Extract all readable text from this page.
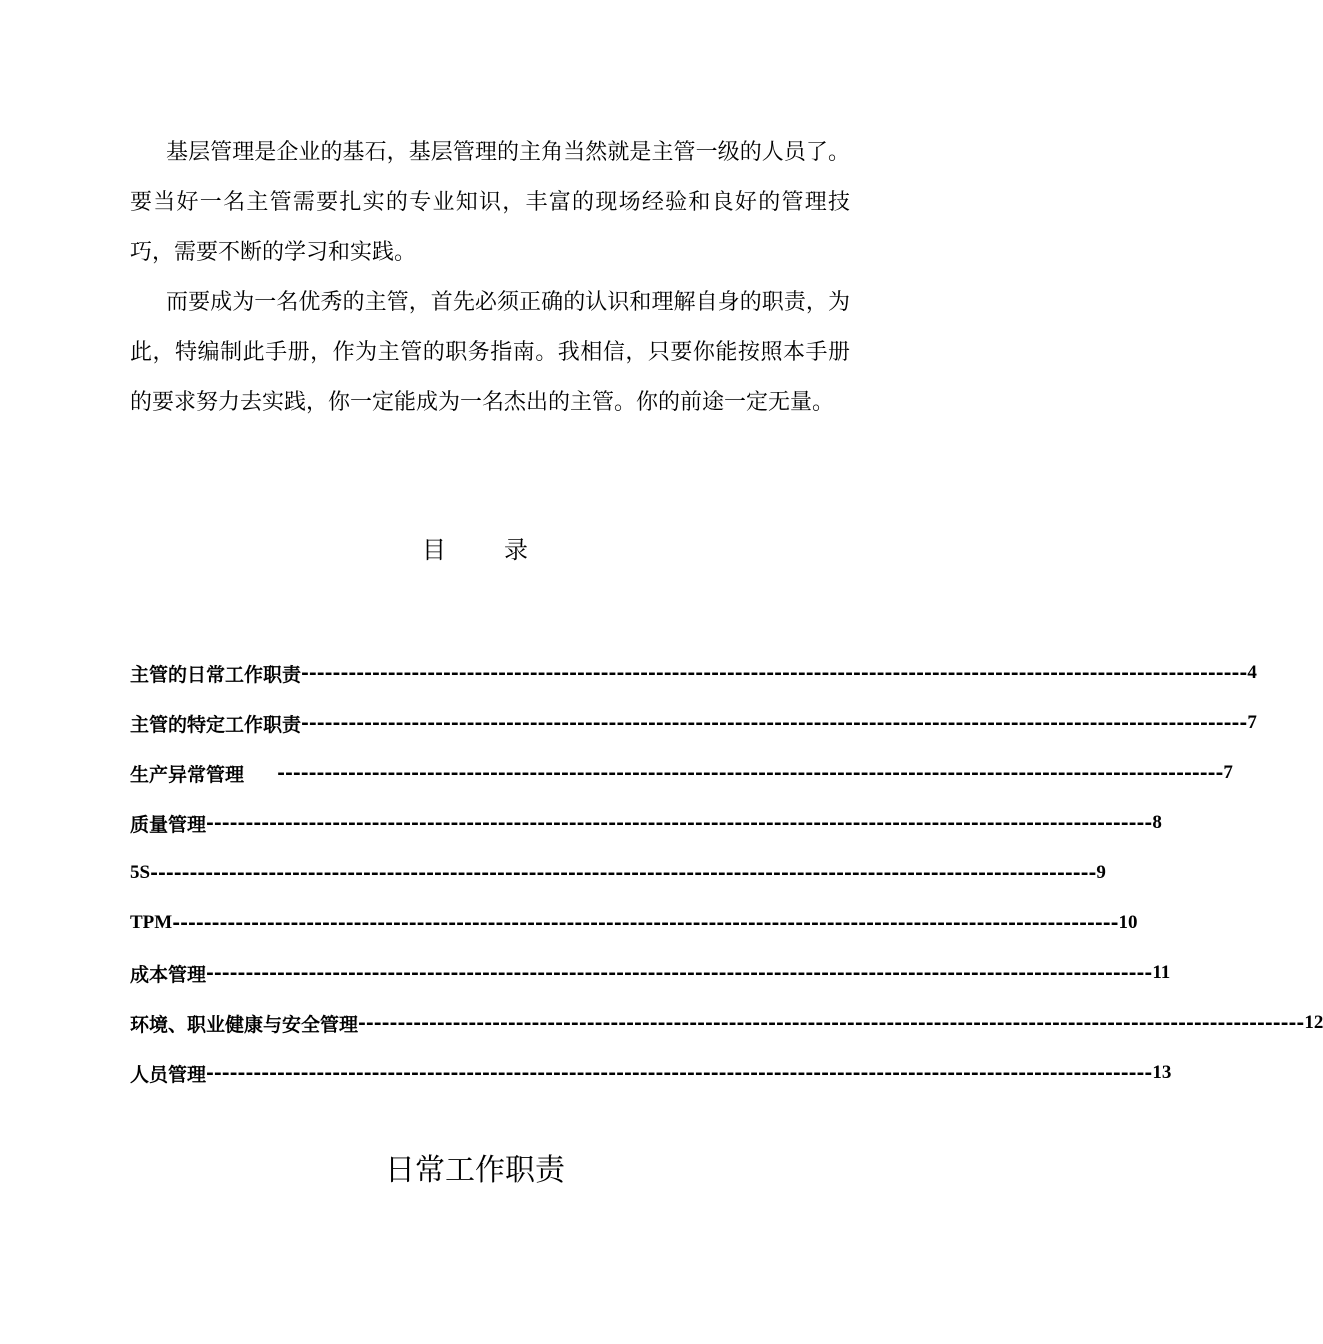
基层管理是企业的基石，基层管理的主角当然就是主管一级的人员了。要当好一名主管需要扎实的专业知识，丰富的现场经验和良好的管理技巧，需要不断的学习和实践。

而要成为一名优秀的主管，首先必须正确的认识和理解自身的职责，为此，特编制此手册，作为主管的职务指南。我相信，只要你能按照本手册的要求努力去实践，你一定能成为一名杰出的主管。你的前途一定无量。

目 录
主管的日常工作职责 ------------------------------------------------------------------------------------------------------------------------ 4
主管的特定工作职责 ------------------------------------------------------------------------------------------------------------------------ 7
生产异常管理 ------------------------------------------------------------------------------------------------------------------------ 7
质量管理 ------------------------------------------------------------------------------------------------------------------------ 8
5S ------------------------------------------------------------------------------------------------------------------------ 9
TPM ------------------------------------------------------------------------------------------------------------------------ 10
成本管理 ------------------------------------------------------------------------------------------------------------------------ 11
环境、职业健康与安全管理 ------------------------------------------------------------------------------------------------------------------------ 12
人员管理 ------------------------------------------------------------------------------------------------------------------------ 13
日常工作职责
